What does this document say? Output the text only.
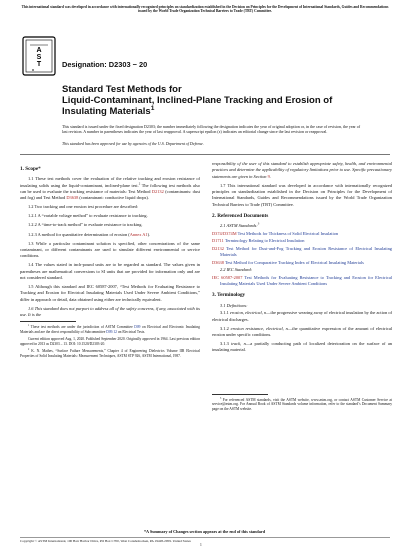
This international standard was developed in accordance with internationally recognized principles on standardization established in the Decision on Principles for the Development of International Standards, Guides and Recommendations issued by the World Trade Organization Technical Barriers to Trade (TBT) Committee.
A
S
T
M
Designation: D2303 − 20
Standard Test Methods for
Liquid-Contaminant, Inclined-Plane Tracking and Erosion of
Insulating Materials$^1$
This standard is issued under the fixed designation D2303; the number immediately following the designation indicates the year of original adoption or, in the case of revision, the year of last revision. A number in parentheses indicates the year of last reapproval. A superscript epsilon (ε) indicates an editorial change since the last revision or reapproval.
This standard has been approved for use by agencies of the U.S. Department of Defense.
1. Scope*

1.1 These test methods cover the evaluation of the relative tracking and erosion resistance of insulating solids using the liquid-contaminant, inclined-plane test.$^2$ The following test methods also can be used to evaluate the tracking resistance of materials: Test Method D2132 (contaminants: dust and fog) and Test Method D3638 (contaminant: conductive liquid drops).

1.2 Two tracking and one erosion test procedure are described:

1.2.1 A “variable voltage method” to evaluate resistance to tracking.

1.2.2 A “time-to-track method” to evaluate resistance to tracking.

1.2.3 A method for quantitative determination of erosion (Annex A1).

1.3 While a particular contaminant solution is specified, other concentrations of the same contaminant, or different contaminants are used to simulate different environmental or service conditions.

1.4 The values stated in inch-pound units are to be regarded as standard. The values given in parentheses are mathematical conversions to SI units that are provided for information only and are not considered standard.

1.5 Although this standard and IEC 60587-2007, “Test Methods for Evaluating Resistance to Tracking and Erosion for Electrical Insulating Materials Used Under Severe Ambient Conditions,” differ in approach or detail, data obtained using either are technically equivalent.

1.6 This standard does not purport to address all of the safety concerns, if any, associated with its use. It is the

$^1$ These test methods are under the jurisdiction of ASTM Committee D09 on Electrical and Electronic Insulating Materials and are the direct responsibility of Subcommittee D09.12 on Electrical Tests.

Current edition approved Aug. 1, 2020. Published September 2020. Originally approved in 1964. Last previous edition approved in 2013 as D2303 – 13. DOI: 10.1520/D2303-20.

$^2$ K. N. Mathes, “Surface Failure Measurements,” Chapter 4 of Engineering Dielectrics Volume IIB Electrical Properties of Solid Insulating Materials: Measurement Techniques, ASTM STP 926, ASTM International, 1987.

responsibility of the user of this standard to establish appropriate safety, health, and environmental practices and determine the applicability of regulatory limitations prior to use. Specific precautionary statements are given in Section 9.

1.7 This international standard was developed in accordance with internationally recognized principles on standardization established in the Decision on Principles for the Development of International Standards, Guides and Recommendations issued by the World Trade Organization Technical Barriers to Trade (TBT) Committee.

2. Referenced Documents

2.1 ASTM Standards:$^3$

D374/D374M Test Methods for Thickness of Solid Electrical Insulation

D1711 Terminology Relating to Electrical Insulation

D2132 Test Method for Dust-and-Fog Tracking and Erosion Resistance of Electrical Insulating Materials

D3638 Test Method for Comparative Tracking Index of Electrical Insulating Materials

2.2 IEC Standard:

IEC 60587-2007 Test Methods for Evaluating Resistance to Tracking and Erosion for Electrical Insulating Materials Used Under Severe Ambient Conditions

3. Terminology

3.1 Definitions:

3.1.1 erosion, electrical, n—the progressive wearing away of electrical insulation by the action of electrical discharges.

3.1.2 erosion resistance, electrical, n—the quantitative expression of the amount of electrical erosion under specific conditions.

3.1.3 track, n—a partially conducting path of localized deterioration on the surface of an insulating material.

$^3$ For referenced ASTM standards, visit the ASTM website, www.astm.org, or contact ASTM Customer Service at service@astm.org. For Annual Book of ASTM Standards volume information, refer to the standard’s Document Summary page on the ASTM website.

*A Summary of Changes section appears at the end of this standard
Copyright © ASTM International, 100 Barr Harbor Drive, PO Box C700, West Conshohocken, PA 19428-2959. United States
1
